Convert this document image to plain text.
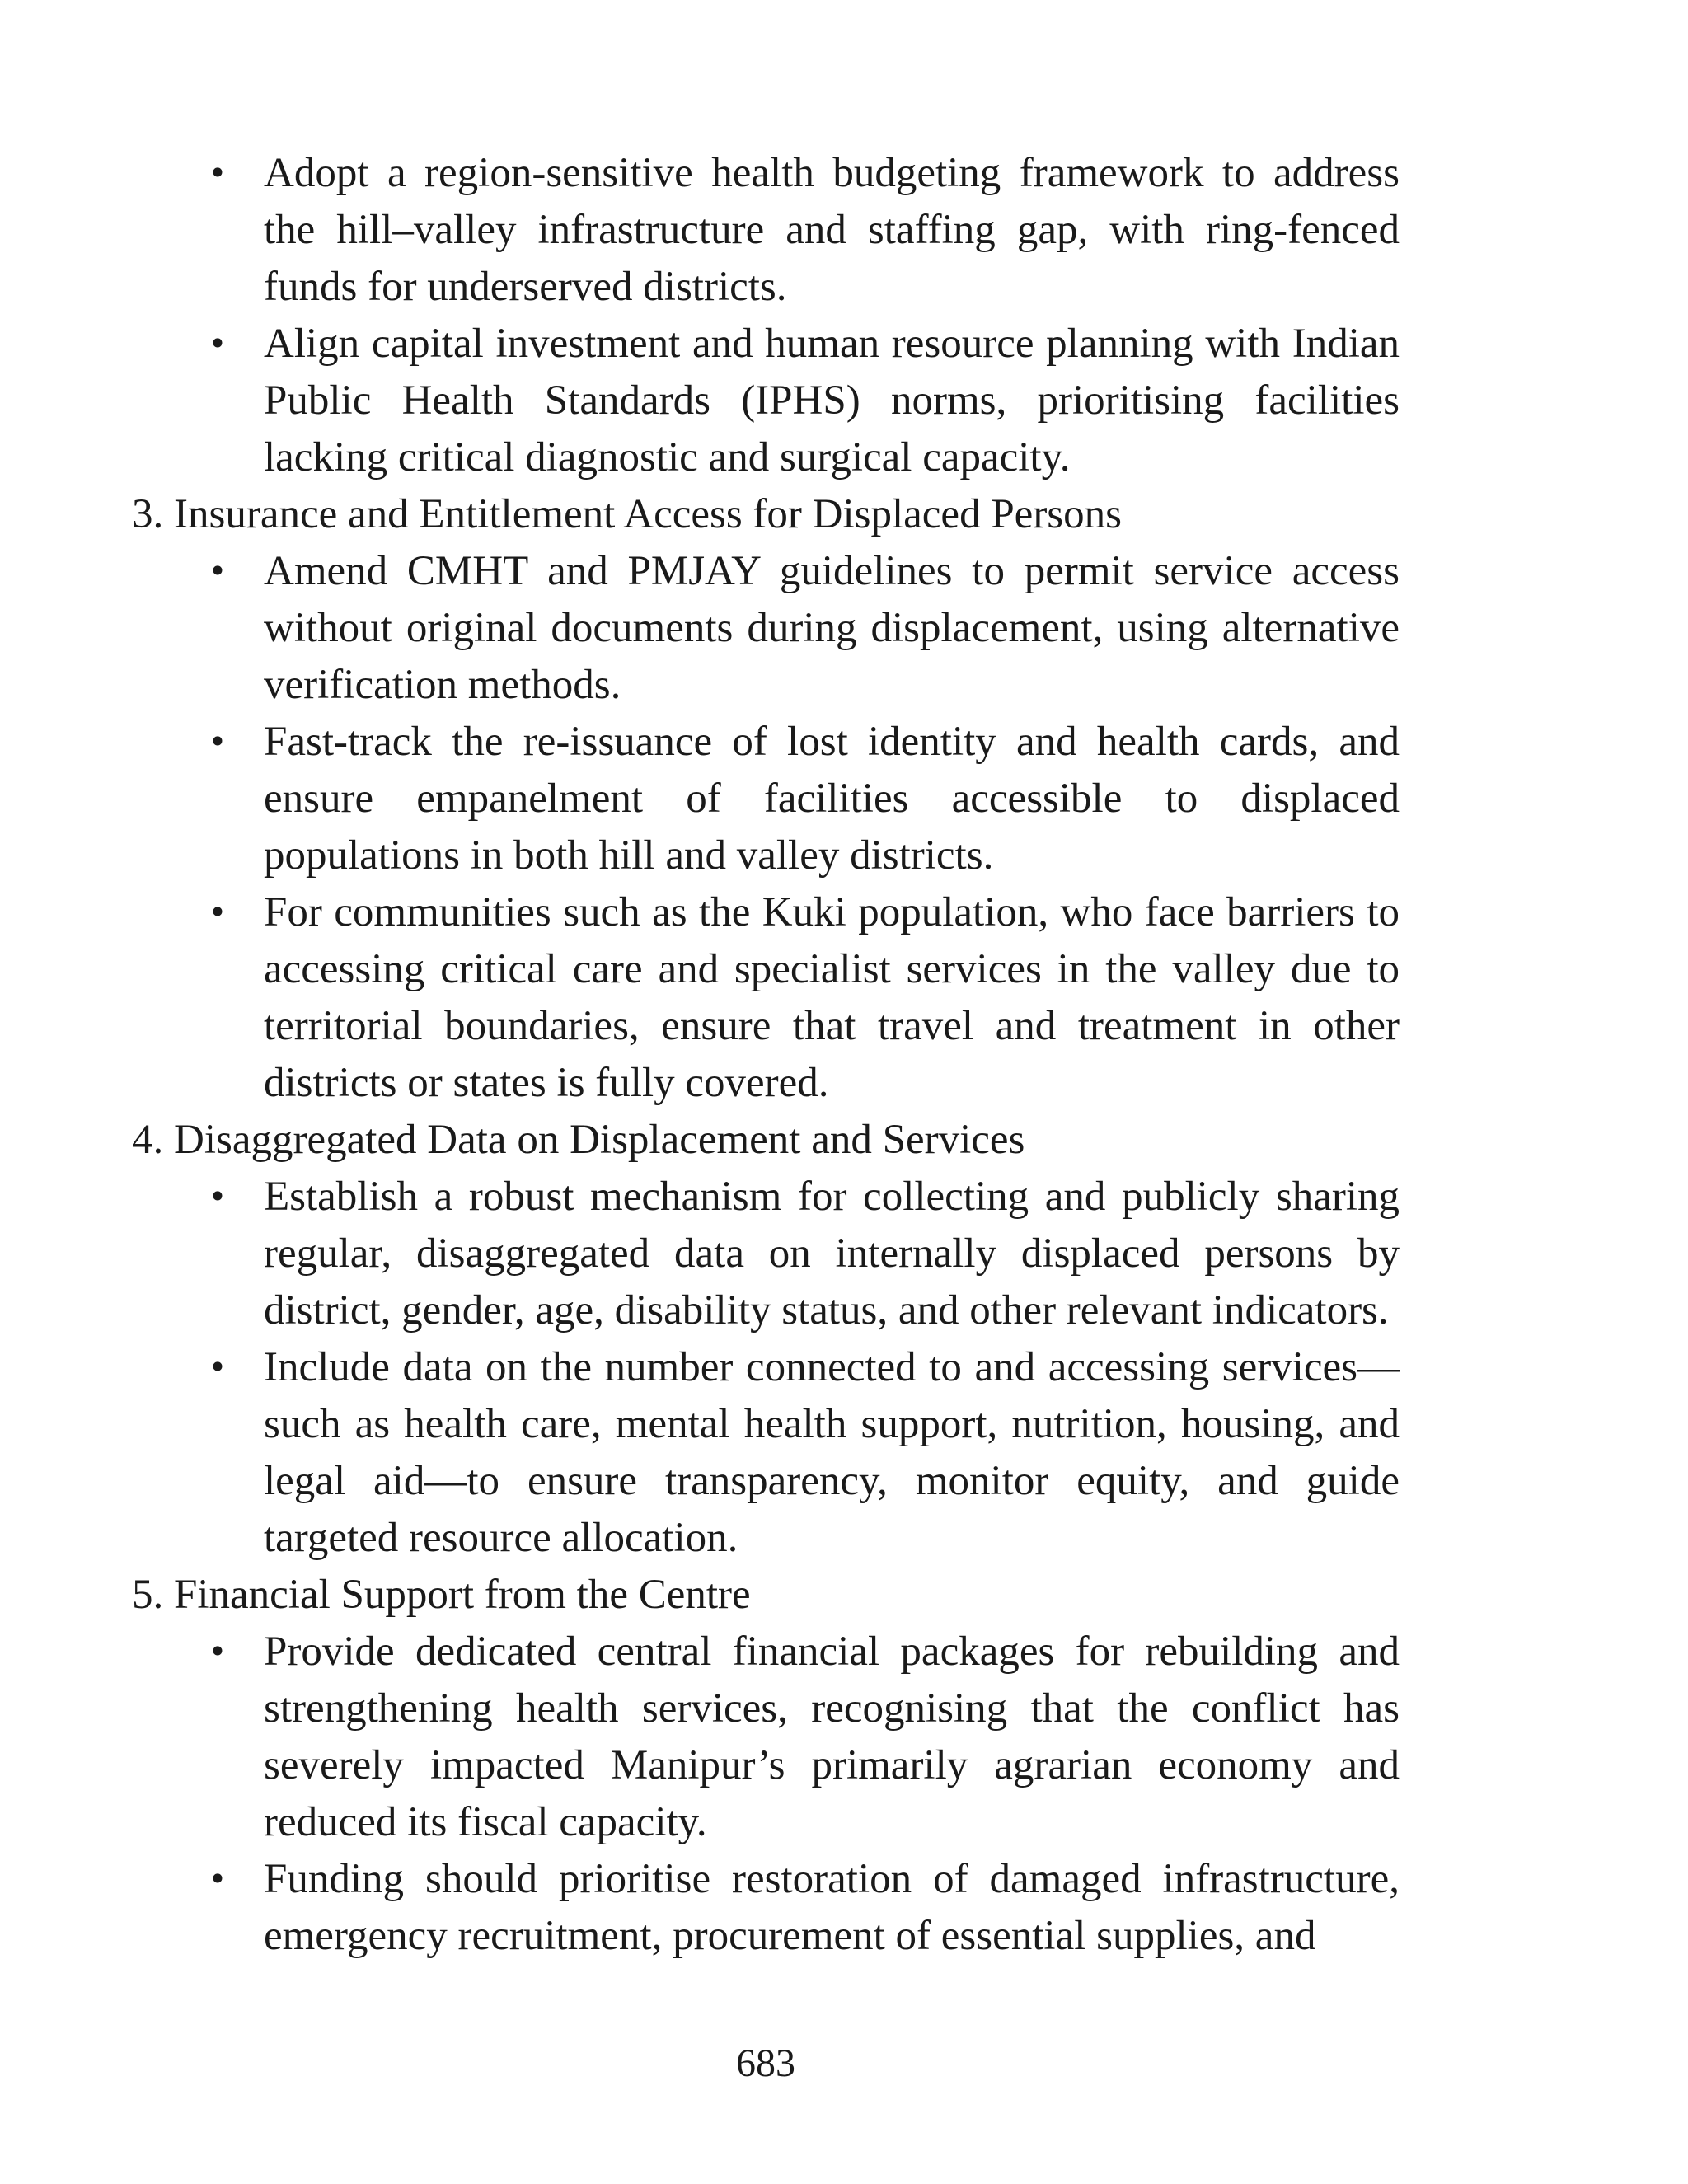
• Adopt a region-sensitive health budgeting framework to address the hill–valley infrastructure and staffing gap, with ring-fenced funds for underserved districts.
• Align capital investment and human resource planning with Indian Public Health Standards (IPHS) norms, prioritising facilities lacking critical diagnostic and surgical capacity.
3. Insurance and Entitlement Access for Displaced Persons
• Amend CMHT and PMJAY guidelines to permit service access without original documents during displacement, using alternative verification methods.
• Fast-track the re-issuance of lost identity and health cards, and ensure empanelment of facilities accessible to displaced populations in both hill and valley districts.
• For communities such as the Kuki population, who face barriers to accessing critical care and specialist services in the valley due to territorial boundaries, ensure that travel and treatment in other districts or states is fully covered.
4. Disaggregated Data on Displacement and Services
• Establish a robust mechanism for collecting and publicly sharing regular, disaggregated data on internally displaced persons by district, gender, age, disability status, and other relevant indicators.
• Include data on the number connected to and accessing services—such as health care, mental health support, nutrition, housing, and legal aid—to ensure transparency, monitor equity, and guide targeted resource allocation.
5. Financial Support from the Centre
• Provide dedicated central financial packages for rebuilding and strengthening health services, recognising that the conflict has severely impacted Manipur’s primarily agrarian economy and reduced its fiscal capacity.
• Funding should prioritise restoration of damaged infrastructure, emergency recruitment, procurement of essential supplies, and
683
